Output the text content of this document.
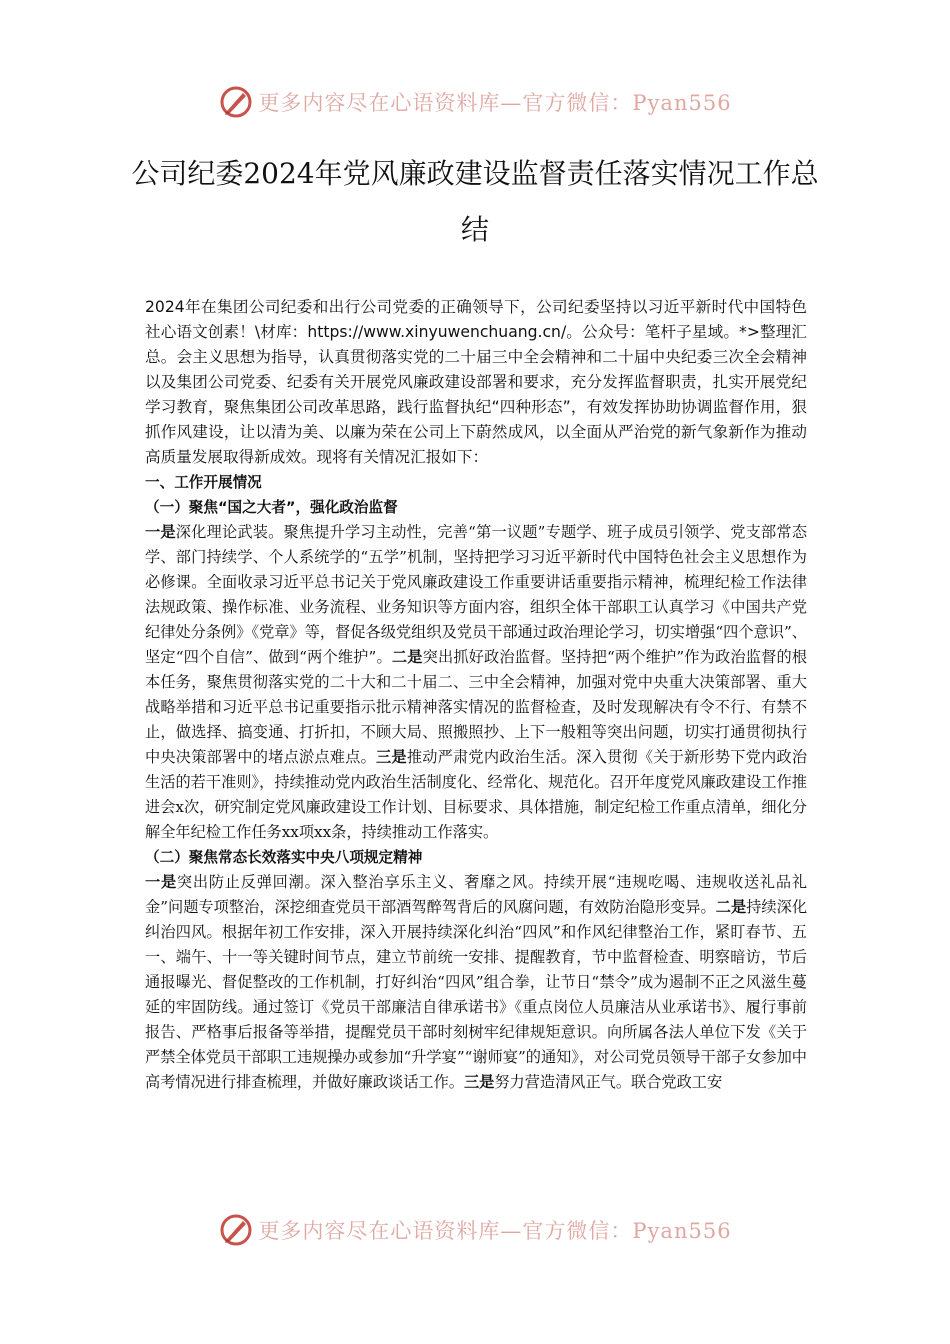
更多内容尽在心语资料库—官方微信：Pyan556
公司纪委2024年党风廉政建设监督责任落实情况工作总结

2024年在集团公司纪委和出行公司党委的正确领导下，公司纪委坚持以习近平新时代中国特色社心语文创素！\材库：https://www.xinyuwenchuang.cn/。公众号：笔杆子星域。*>整理汇总。会主义思想为指导，认真贯彻落实党的二十届三中全会精神和二十届中央纪委三次全会精神以及集团公司党委、纪委有关开展党风廉政建设部署和要求，充分发挥监督职责，扎实开展党纪学习教育，聚焦集团公司改革思路，践行监督执纪“四种形态”，有效发挥协助协调监督作用，狠抓作风建设，让以清为美、以廉为荣在公司上下蔚然成风，以全面从严治党的新气象新作为推动高质量发展取得新成效。现将有关情况汇报如下：

一、工作开展情况

（一）聚焦“国之大者”，强化政治监督

一是深化理论武装。聚焦提升学习主动性，完善“第一议题”专题学、班子成员引领学、党支部常态学、部门持续学、个人系统学的“五学”机制，坚持把学习习近平新时代中国特色社会主义思想作为必修课。全面收录习近平总书记关于党风廉政建设工作重要讲话重要指示精神，梳理纪检工作法律法规政策、操作标准、业务流程、业务知识等方面内容，组织全体干部职工认真学习《中国共产党纪律处分条例》《党章》等，督促各级党组织及党员干部通过政治理论学习，切实增强“四个意识”、坚定“四个自信”、做到“两个维护”。二是突出抓好政治监督。坚持把“两个维护”作为政治监督的根本任务，聚焦贯彻落实党的二十大和二十届二、三中全会精神，加强对党中央重大决策部署、重大战略举措和习近平总书记重要指示批示精神落实情况的监督检查，及时发现解决有令不行、有禁不止，做选择、搞变通、打折扣，不顾大局、照搬照抄、上下一般粗等突出问题，切实打通贯彻执行中央决策部署中的堵点淤点难点。三是推动严肃党内政治生活。深入贯彻《关于新形势下党内政治生活的若干准则》，持续推动党内政治生活制度化、经常化、规范化。召开年度党风廉政建设工作推进会x次，研究制定党风廉政建设工作计划、目标要求、具体措施，制定纪检工作重点清单，细化分解全年纪检工作任务xx项xx条，持续推动工作落实。

（二）聚焦常态长效落实中央八项规定精神

一是突出防止反弹回潮。深入整治享乐主义、奢靡之风。持续开展“违规吃喝、违规收送礼品礼金”问题专项整治，深挖细查党员干部酒驾醉驾背后的风腐问题，有效防治隐形变异。二是持续深化纠治四风。根据年初工作安排，深入开展持续深化纠治“四风”和作风纪律整治工作，紧盯春节、五一、端午、十一等关键时间节点，建立节前统一安排、提醒教育，节中监督检查、明察暗访，节后通报曝光、督促整改的工作机制，打好纠治“四风”组合拳，让节日“禁令”成为遏制不正之风滋生蔓延的牢固防线。通过签订《党员干部廉洁自律承诺书》《重点岗位人员廉洁从业承诺书》、履行事前报告、严格事后报备等举措，提醒党员干部时刻树牢纪律规矩意识。向所属各法人单位下发《关于严禁全体党员干部职工违规操办或参加“升学宴”“谢师宴”的通知》，对公司党员领导干部子女参加中高考情况进行排查梳理，并做好廉政谈话工作。三是努力营造清风正气。联合党政工安

更多内容尽在心语资料库—官方微信：Pyan556
